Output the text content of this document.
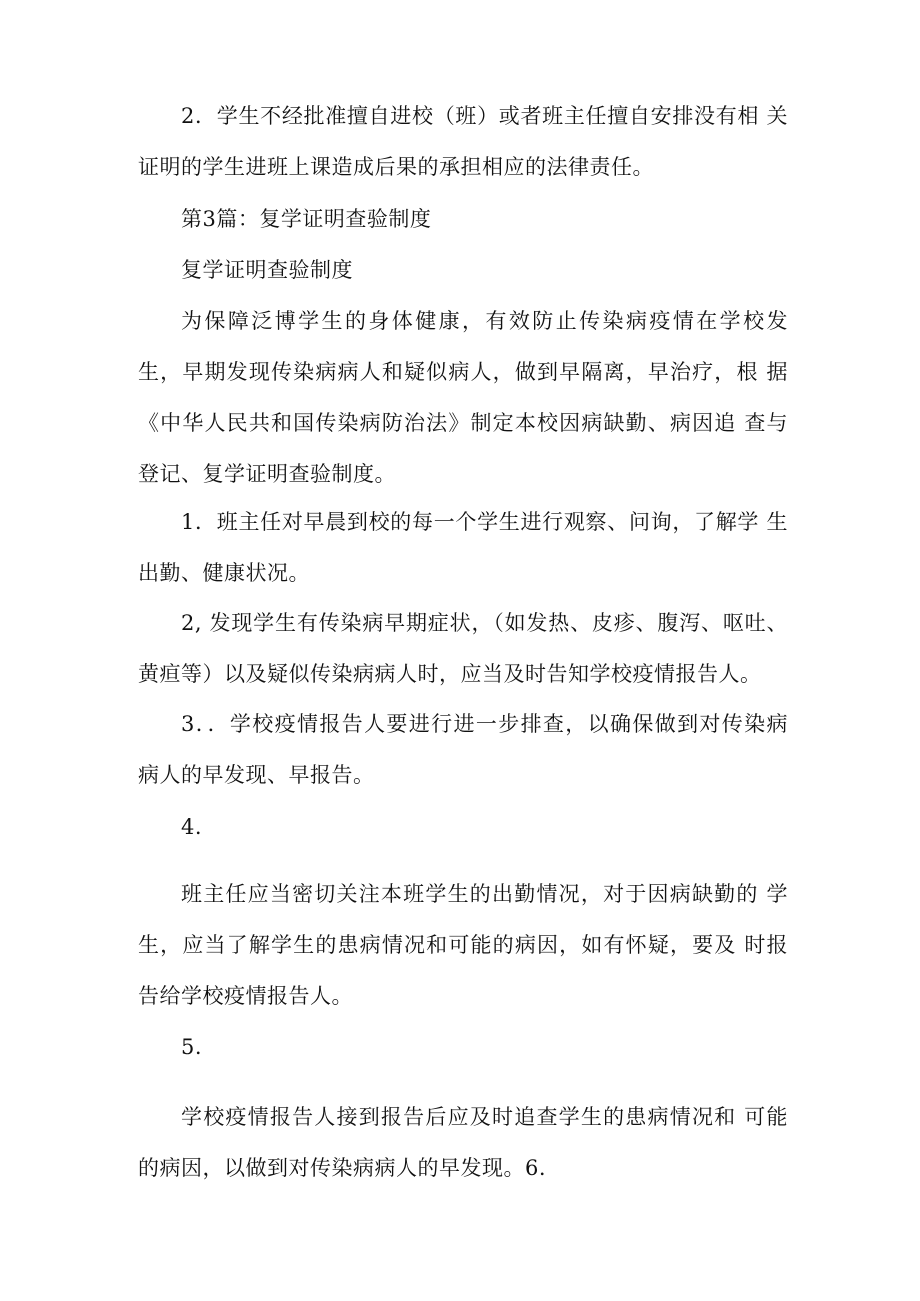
2．学生不经批准擅自进校（班）或者班主任擅自安排没有相 关证明的学生进班上课造成后果的承担相应的法律责任。

第3篇：复学证明查验制度

复学证明查验制度

为保障泛博学生的身体健康，有效防止传染病疫情在学校发 生，早期发现传染病病人和疑似病人，做到早隔离，早治疗，根 据《中华人民共和国传染病防治法》制定本校因病缺勤、病因追 查与登记、复学证明查验制度。

1．班主任对早晨到校的每一个学生进行观察、问询，了解学 生出勤、健康状况。

2, 发现学生有传染病早期症状，（如发热、皮疹、腹泻、呕吐、黄疸等）以及疑似传染病病人时，应当及时告知学校疫情报告人。

3．．学校疫情报告人要进行进一步排查，以确保做到对传染病 病人的早发现、早报告。

4.

班主任应当密切关注本班学生的出勤情况，对于因病缺勤的 学生，应当了解学生的患病情况和可能的病因，如有怀疑，要及 时报告给学校疫情报告人。

5.

学校疫情报告人接到报告后应及时追查学生的患病情况和 可能的病因，以做到对传染病病人的早发现。6.
